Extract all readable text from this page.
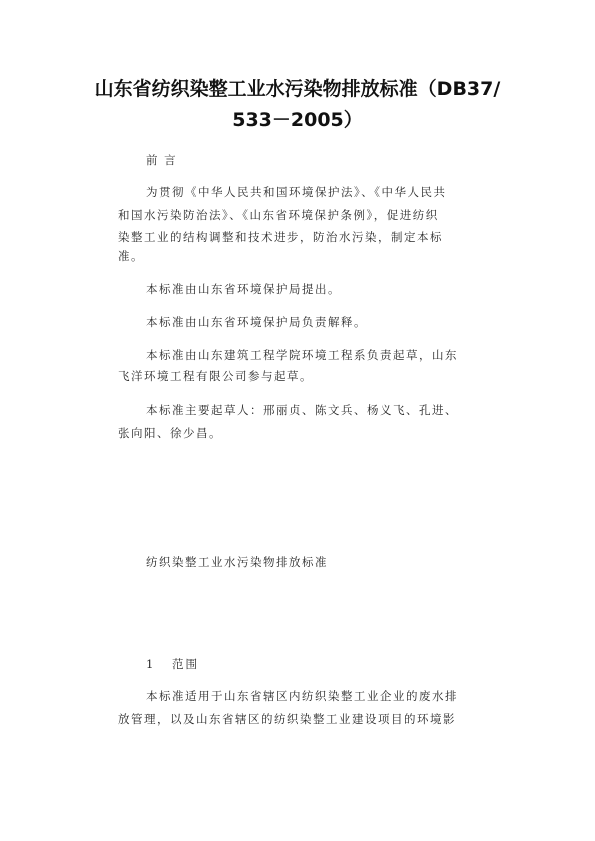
山东省纺织染整工业水污染物排放标准（DB37/
533－2005）

前 言

为贯彻《中华人民共和国环境保护法》、《中华人民共

和国水污染防治法》、《山东省环境保护条例》，促进纺织

染整工业的结构调整和技术进步，防治水污染，制定本标

准。

本标准由山东省环境保护局提出。

本标准由山东省环境保护局负责解释。

本标准由山东建筑工程学院环境工程系负责起草，山东

飞洋环境工程有限公司参与起草。

本标准主要起草人：邢丽贞、陈文兵、杨义飞、孔进、

张向阳、徐少昌。

纺织染整工业水污染物排放标准

1	范围

本标准适用于山东省辖区内纺织染整工业企业的废水排

放管理，以及山东省辖区的纺织染整工业建设项目的环境影
